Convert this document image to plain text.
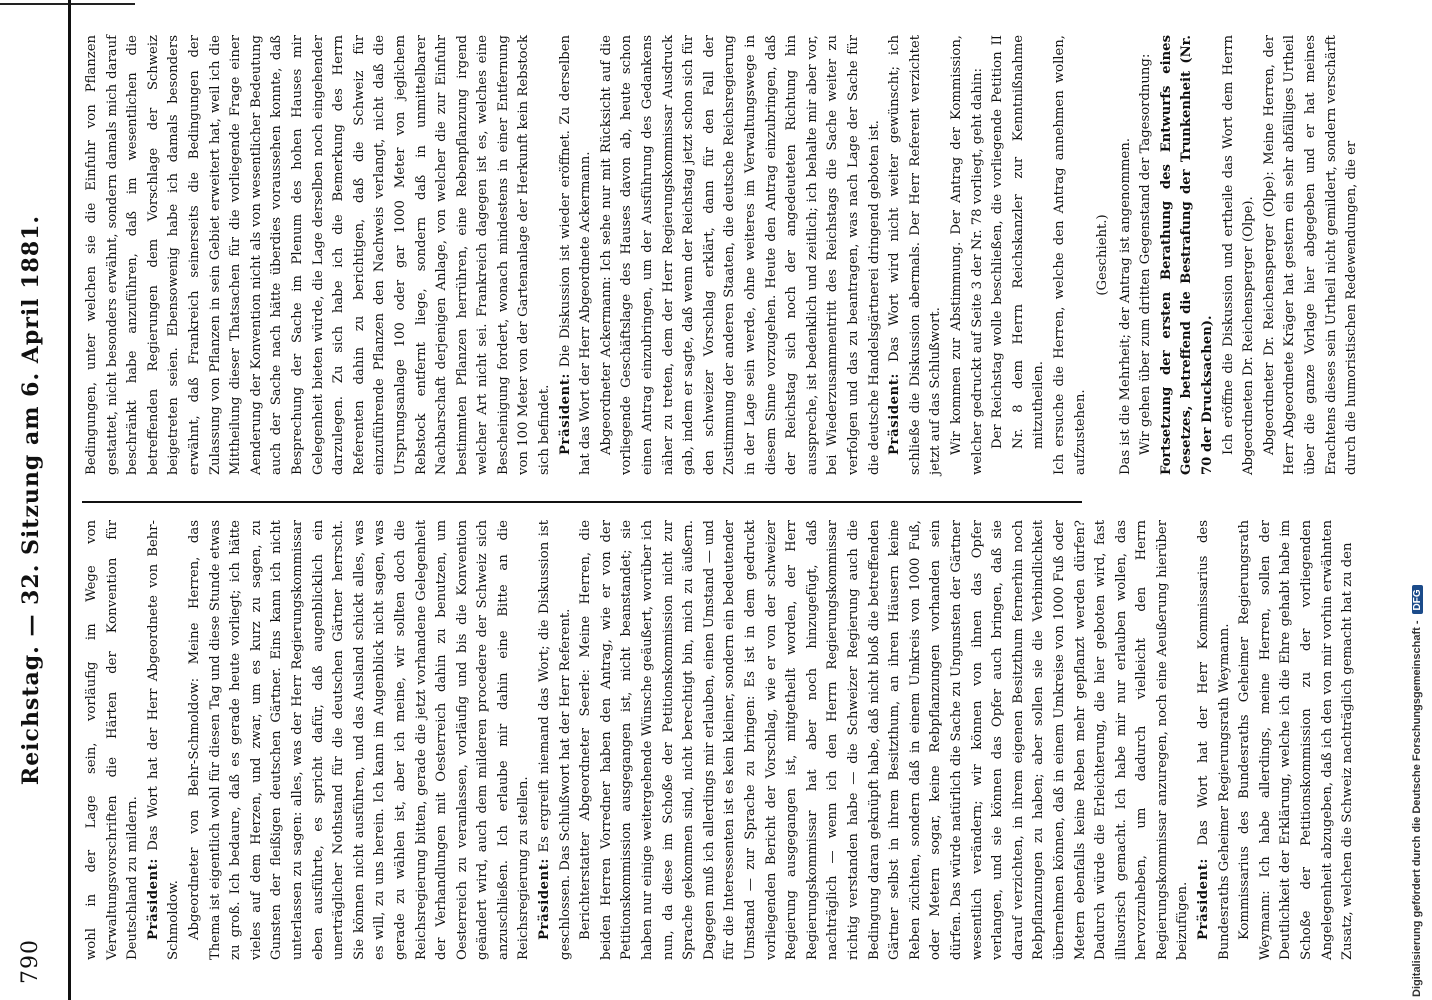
790
Reichstag. — 32. Sitzung am 6. April 1881.	wohl in der Lage sein, vorläufig im Wege von Verwaltungsvorschriften die Härten der Konvention für Deutschland zu mildern. Präsident: Das Wort hat der Herr Abgeordnete von Behr-Schmoldow. Abgeordneter von Behr-Schmoldow: Meine Herren, das Thema ist eigentlich wohl für diesen Tag und diese Stunde etwas zu groß. Ich bedaure, daß es gerade heute vorliegt; ich hätte vieles auf dem Herzen, und zwar, um es kurz zu sagen, zu Gunsten der fleißigen deutschen Gärtner. Eins kann ich nicht unterlassen zu sagen: alles, was der Herr Regierungskommissar eben ausführte, es spricht dafür, daß augenblicklich ein unerträglicher Nothstand für die deutschen Gärtner herrscht. Sie können nicht ausführen, und das Ausland schickt alles, was es will, zu uns herein. Ich kann im Augenblick nicht sagen, was gerade zu wählen ist, aber ich meine, wir sollten doch die Reichsregierung bitten, gerade die jetzt vorhandene Gelegenheit der Verhandlungen mit Oesterreich dahin zu benutzen, um Oesterreich zu veranlassen, vorläufig und bis die Konvention geändert wird, auch dem milderen procedere der Schweiz sich anzuschließen. Ich erlaube mir dahin eine Bitte an die Reichsregierung zu stellen. Präsident: Es ergreift niemand das Wort; die Diskussion ist geschlossen. Das Schlußwort hat der Herr Referent. Berichterstatter Abgeordneter Seerle: Meine Herren, die beiden Herren Vorredner haben den Antrag, wie er von der Petitionskommission ausgegangen ist, nicht beanstandet; sie haben nur einige weitergehende Wünsche geäußert, worüber ich nun, da diese im Schoße der Petitionskommission nicht zur Sprache gekommen sind, nicht berechtigt bin, mich zu äußern. Dagegen muß ich allerdings mir erlauben, einen Umstand — und für die Interessenten ist es kein kleiner, sondern ein bedeutender Umstand — zur Sprache zu bringen: Es ist in dem gedruckt vorliegenden Bericht der Vorschlag, wie er von der schweizer Regierung ausgegangen ist, mitgetheilt worden, der Herr Regierungskommissar hat aber noch hinzugefügt, daß nachträglich — wenn ich den Herrn Regierungskommissar richtig verstanden habe — die Schweizer Regierung auch die Bedingung daran geknüpft habe, daß nicht bloß die betreffenden Gärtner selbst in ihrem Besitzthum, an ihren Häusern keine Reben züchten, sondern daß in einem Umkreis von 1000 Fuß, oder Metern sogar, keine Rebpflanzungen vorhanden sein dürfen. Das würde natürlich die Sache zu Ungunsten der Gärtner wesentlich verändern; wir können von ihnen das Opfer verlangen, und sie können das Opfer auch bringen, daß sie darauf verzichten, in ihrem eigenen Besitzthum fernerhin noch Rebpflanzungen zu haben; aber sollen sie die Verbindlichkeit übernehmen können, daß in einem Umkreise von 1000 Fuß oder Metern ebenfalls keine Reben mehr gepflanzt werden dürfen? Dadurch würde die Erleichterung, die hier geboten wird, fast illusorisch gemacht. Ich habe mir nur erlauben wollen, das hervorzuheben, um dadurch vielleicht den Herrn Regierungskommissar anzuregen, noch eine Aeußerung hierüber beizufügen. Präsident: Das Wort hat der Herr Kommissarius des Bundesraths Geheimer Regierungsrath Weymann. Kommissarius des Bundesraths Geheimer Regierungsrath Weymann: Ich habe allerdings, meine Herren, sollen der Deutlichkeit der Erklärung, welche ich die Ehre gehabt habe im Schoße der Petitionskommission zu der vorliegenden Angelegenheit abzugeben, daß ich den von mir vorhin erwähnten Zusatz, welchen die Schweiz nachträglich gemacht hat zu den

Bedingungen, unter welchen sie die Einfuhr von Pflanzen gestattet, nicht besonders erwähnt, sondern damals mich darauf beschränkt habe anzuführen, daß im wesentlichen die betreffenden Regierungen dem Vorschlage der Schweiz beigetreten seien. Ebensowenig habe ich damals besonders erwähnt, daß Frankreich seinerseits die Bedingungen der Zulassung von Pflanzen in sein Gebiet erweitert hat, weil ich die Mittheilung dieser Thatsachen für die vorliegende Frage einer Aenderung der Konvention nicht als von wesentlicher Bedeutung auch der Sache nach hätte überdies voraussehen konnte, daß Besprechung der Sache im Plenum des hohen Hauses mir Gelegenheit bieten würde, die Lage derselben noch eingehender darzulegen. Zu sich habe ich die Bemerkung des Herrn Referenten dahin zu berichtigen, daß die Schweiz für einzuführende Pflanzen den Nachweis verlangt, nicht daß die Ursprungsanlage 100 oder gar 1000 Meter von jeglichem Rebstock entfernt liege, sondern daß in unmittelbarer Nachbarschaft derjenigen Anlage, von welcher die zur Einfuhr bestimmten Pflanzen herrühren, eine Rebenpflanzung irgend welcher Art nicht sei. Frankreich dagegen ist es, welches eine Bescheinigung fordert, wonach mindestens in einer Entfernung von 100 Meter von der Gartenanlage der Herkunft kein Rebstock sich befindet. Präsident: Die Diskussion ist wieder eröffnet. Zu derselben hat das Wort der Herr Abgeordnete Ackermann. Abgeordneter Ackermann: Ich sehe nur mit Rücksicht auf die vorliegende Geschäftslage des Hauses davon ab, heute schon einen Antrag einzubringen, um der Ausführung des Gedankens näher zu treten, dem der Herr Regierungskommissar Ausdruck gab, indem er sagte, daß wenn der Reichstag jetzt schon sich für den schweizer Vorschlag erklärt, dann für den Fall der Zustimmung der anderen Staaten, die deutsche Reichsregierung in der Lage sein werde, ohne weiteres im Verwaltungswege in diesem Sinne vorzugehen. Heute den Antrag einzubringen, daß der Reichstag sich noch der angedeuteten Richtung hin ausspreche, ist bedenklich und zeitlich; ich behalte mir aber vor, bei Wiederzusammentritt des Reichstags die Sache weiter zu verfolgen und das zu beantragen, was nach Lage der Sache für die deutsche Handelsgärtnerei dringend geboten ist. Präsident: Das Wort wird nicht weiter gewünscht; ich schließe die Diskussion abermals. Der Herr Referent verzichtet jetzt auf das Schlußwort. Wir kommen zur Abstimmung. Der Antrag der Kommission, welcher gedruckt auf Seite 3 der Nr. 78 vorliegt, geht dahin: Der Reichstag wolle beschließen, die vorliegende Petition II Nr. 8 dem Herrn Reichskanzler zur Kenntnißnahme mitzutheilen. Ich ersuche die Herren, welche den Antrag annehmen wollen, aufzustehen.

(Geschieht.) Das ist die Mehrheit; der Antrag ist angenommen. Wir gehen über zum dritten Gegenstand der Tagesordnung: Fortsetzung der ersten Berathung des Entwurfs eines Gesetzes, betreffend die Bestrafung der Trunkenheit (Nr. 70 der Drucksachen). Ich eröffne die Diskussion und ertheile das Wort dem Herrn Abgeordneten Dr. Reichensperger (Olpe). Abgeordneter Dr. Reichensperger (Olpe): Meine Herren, der Herr Abgeordnete Kräger hat gestern ein sehr abfälliges Urtheil über die ganze Vorlage hier abgegeben und er hat meines Erachtens dieses sein Urtheil nicht gemildert, sondern verschärft durch die humoristischen Redewendungen, die er

Digitalisierung gefördert durch die Deutsche Forschungsgemeinschaft -DFG
